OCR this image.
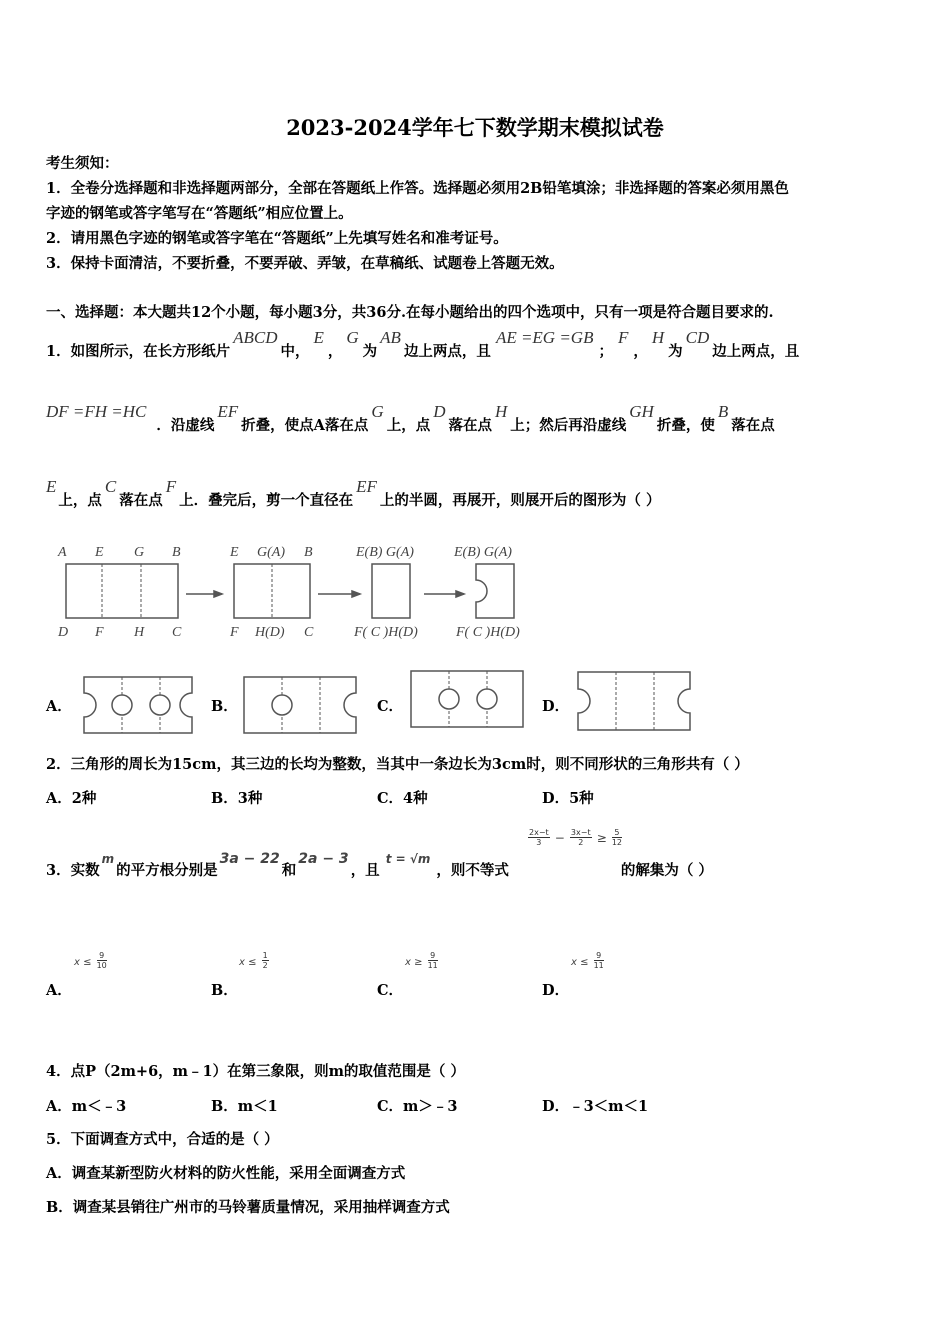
2023-2024学年七下数学期末模拟试卷
考生须知：
1．全卷分选择题和非选择题两部分，全部在答题纸上作答。选择题必须用2B铅笔填涂；非选择题的答案必须用黑色
字迹的钢笔或答字笔写在“答题纸”相应位置上。
2．请用黑色字迹的钢笔或答字笔在“答题纸”上先填写姓名和准考证号。
3．保持卡面清洁，不要折叠，不要弄破、弄皱，在草稿纸、试题卷上答题无效。
一、选择题：本大题共12个小题，每小题3分，共36分.在每小题给出的四个选项中，只有一项是符合题目要求的.
1．如图所示，在长方形纸片ABCD中，E，G为AB边上两点，且AE =EG =GB；F，H为CD边上两点，且
DF =FH =HC．沿虚线EF折叠，使点A落在点G上，点D落在点H上；然后再沿虚线GH折叠，使B落在点
E上，点C落在点F上．叠完后，剪一个直径在EF上的半圆，再展开，则展开后的图形为（ ）
A E G B
D F H C
E G(A) B
F H(D) C
E(B) G(A)
F( C )H(D)
E(B) G(A)
F( C )H(D)
A．	B．	C．	D．
2．三角形的周长为15cm，其三边的长均为整数，当其中一条边长为3cm时，则不同形状的三角形共有（ ）
A．2种	B．3种	C．4种	D．5种
3．实数$^m$的平方根分别是3a − 22和2a − 3，且$^{t = √m}$，则不等式	的解集为（ ）
$\frac{2x-t}{3} - \frac{3x-t}{2} \ge \frac{5}{12}$
A．
$x \le \frac{9}{10}$
B．
$x \le \frac{1}{2}$
C．
$x \ge \frac{9}{11}$
D．
$x \le \frac{9}{11}$
4．点P（2m+6，m﹣1）在第三象限，则m的取值范围是（ ）
A．m＜﹣3	B．m＜1	C．m＞﹣3	D．﹣3＜m＜1
5．下面调查方式中，合适的是（ ）
A．调查某新型防火材料的防火性能，采用全面调查方式
B．调查某县销往广州市的马铃薯质量情况，采用抽样调查方式
